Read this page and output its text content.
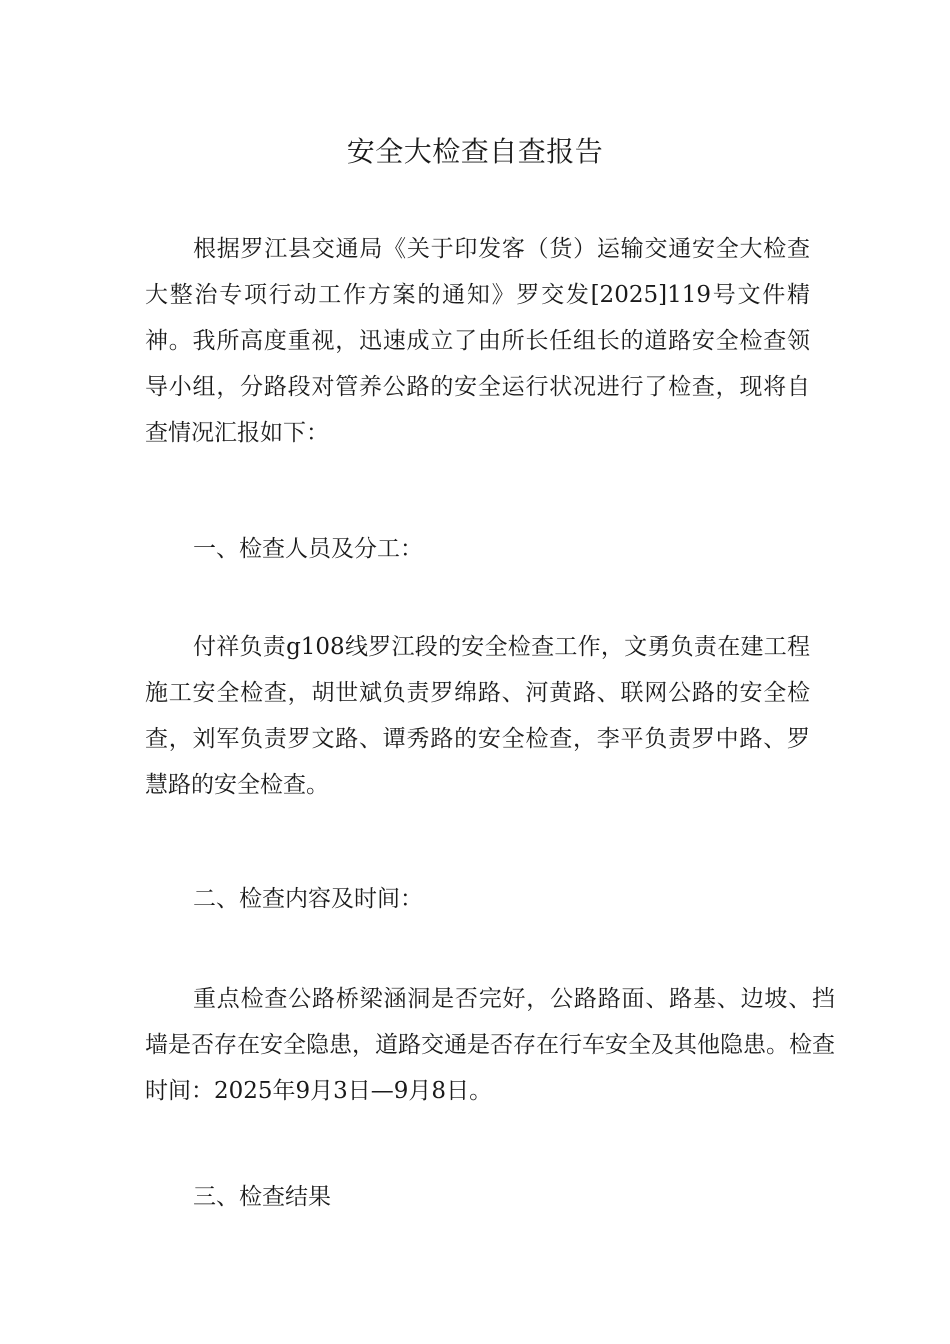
安全大检查自查报告

根据罗江县交通局《关于印发客（货）运输交通安全大检查大整治专项行动工作方案的通知》罗交发[2025]119号文件精神。我所高度重视，迅速成立了由所长任组长的道路安全检查领导小组，分路段对管养公路的安全运行状况进行了检查，现将自查情况汇报如下：

一、检查人员及分工：

付祥负责g108线罗江段的安全检查工作，文勇负责在建工程施工安全检查，胡世斌负责罗绵路、河黄路、联网公路的安全检查，刘军负责罗文路、谭秀路的安全检查，李平负责罗中路、罗慧路的安全检查。

二、检查内容及时间：

重点检查公路桥梁涵洞是否完好，公路路面、路基、边坡、挡墙是否存在安全隐患，道路交通是否存在行车安全及其他隐患。检查时间：2025年9月3日—9月8日。

三、检查结果
